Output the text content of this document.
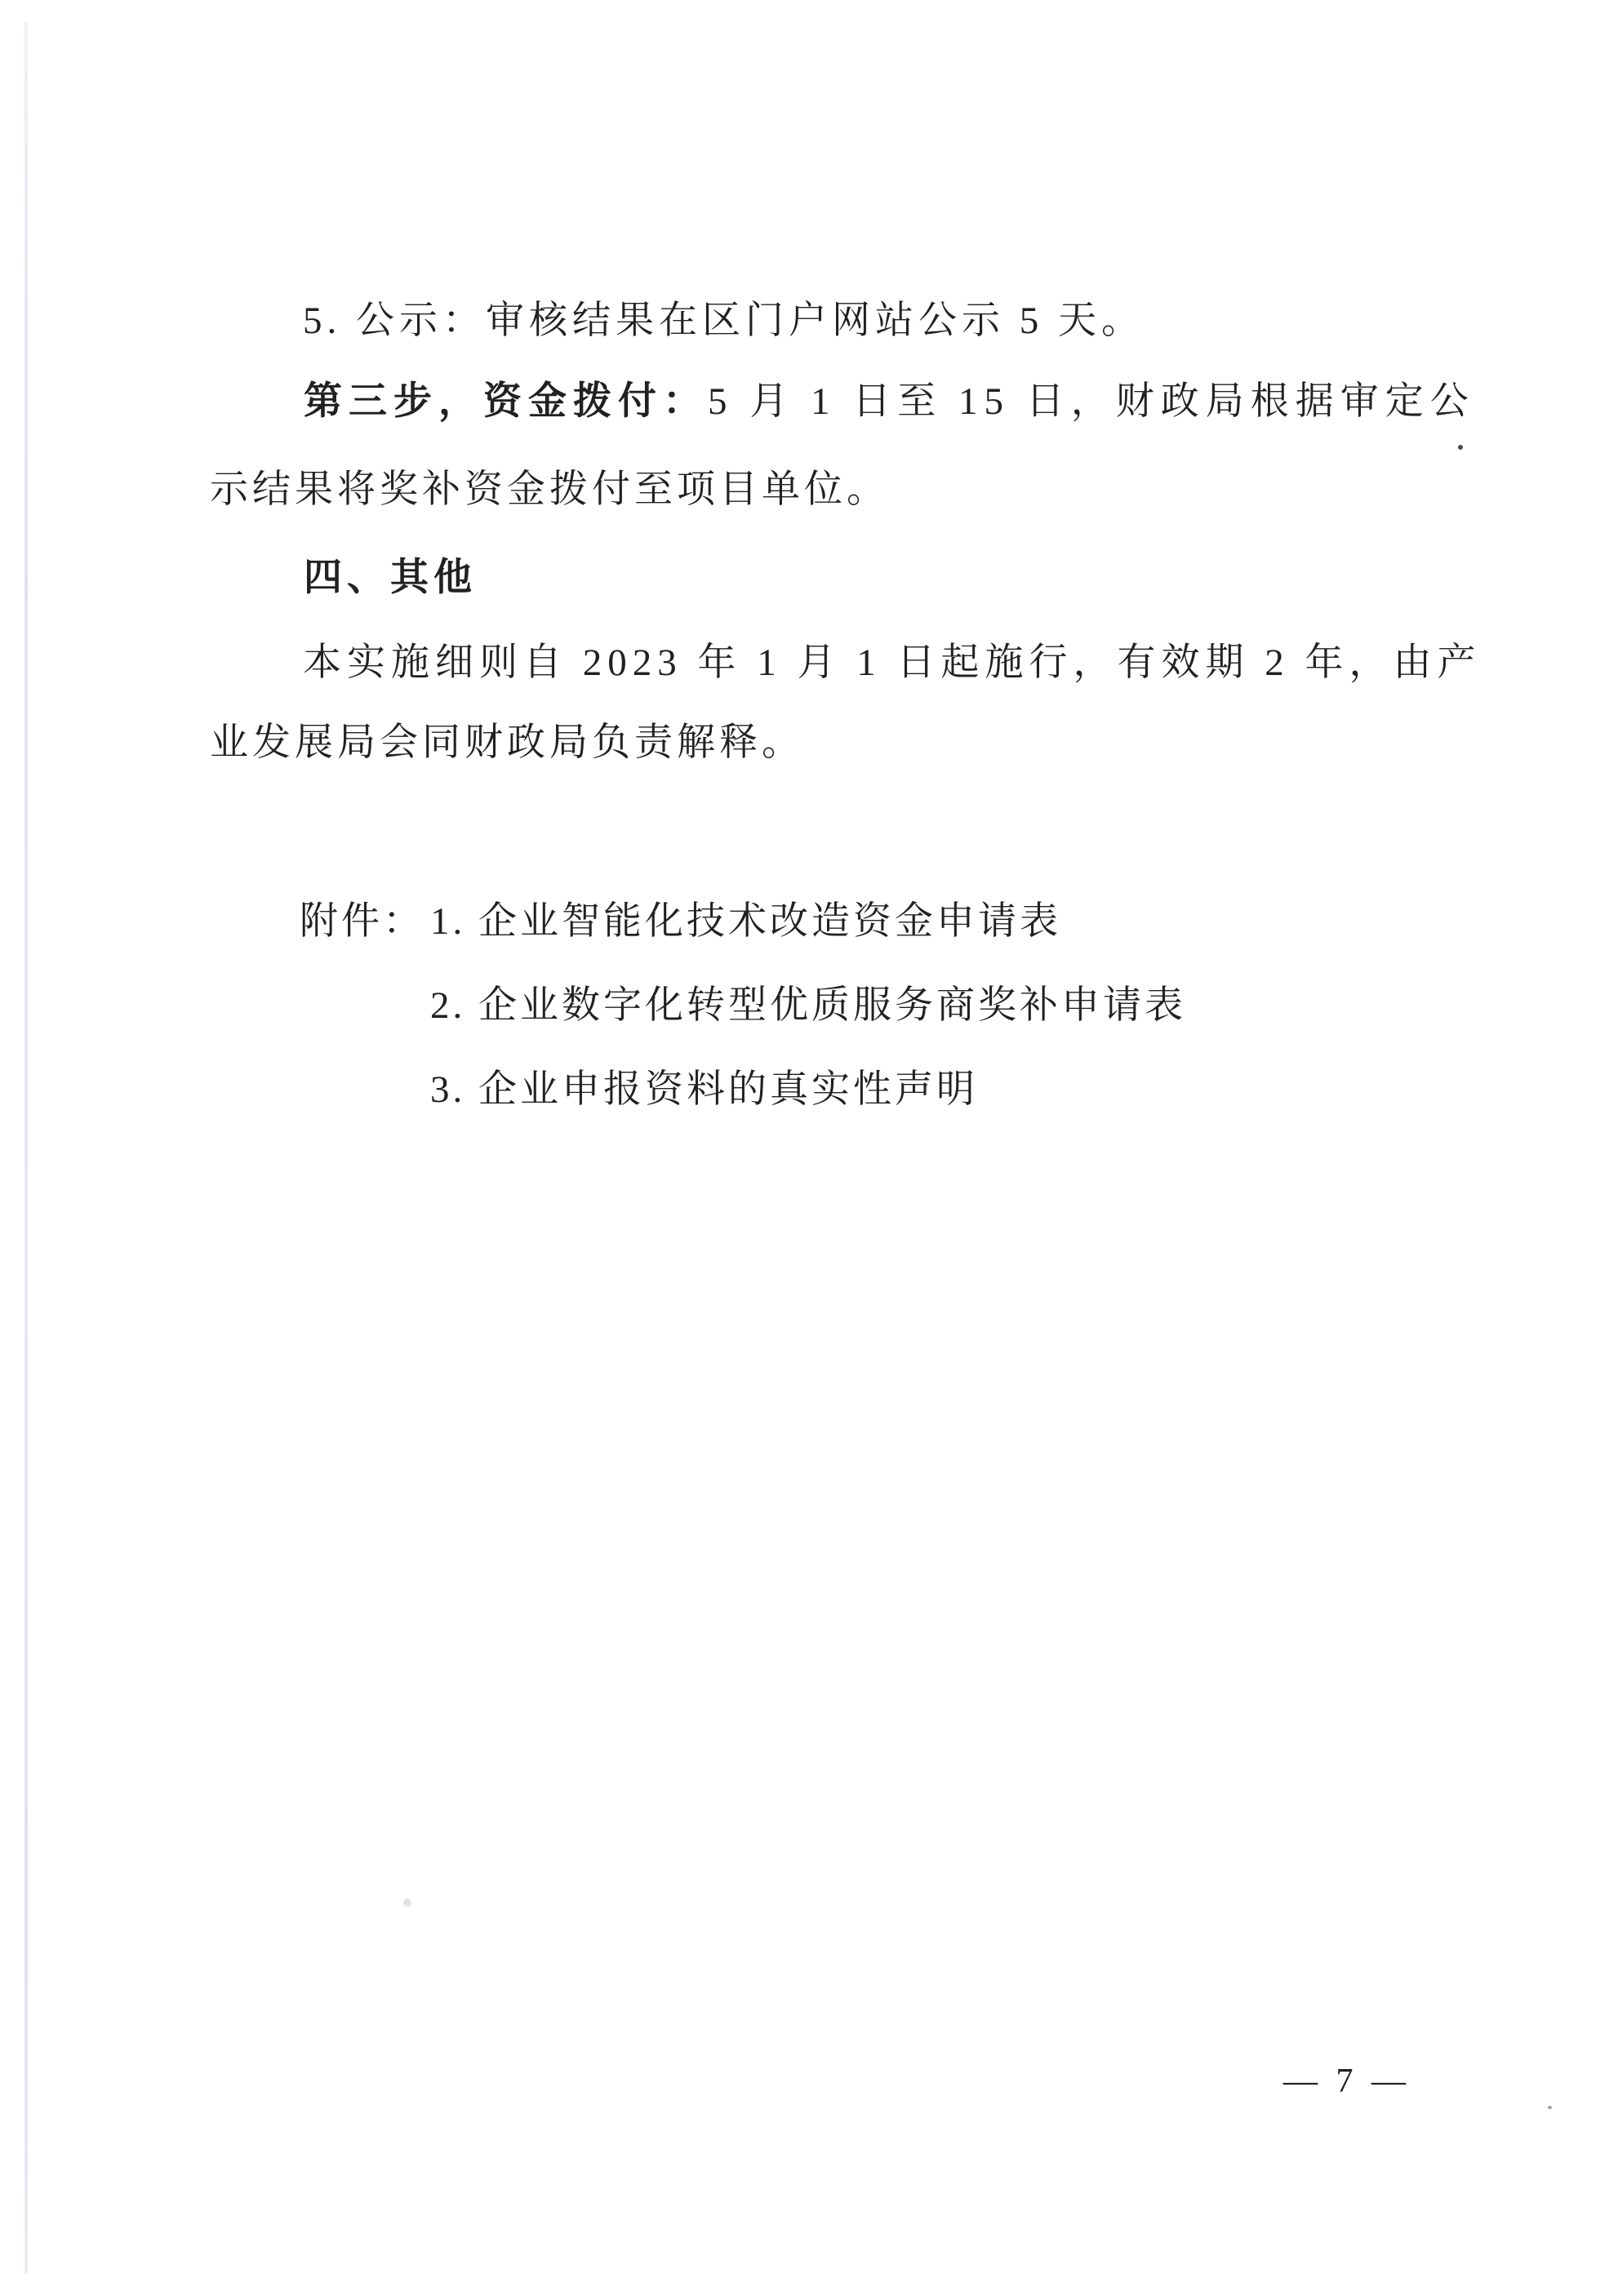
5. 公示：审核结果在区门户网站公示 5 天。
第三步，资金拨付：5 月 1 日至 15 日，财政局根据审定公
示结果将奖补资金拨付至项目单位。
四、其他
本实施细则自 2023 年 1 月 1 日起施行，有效期 2 年，由产
业发展局会同财政局负责解释。
附件： 1. 企业智能化技术改造资金申请表
2. 企业数字化转型优质服务商奖补申请表
3. 企业申报资料的真实性声明
— 7 —
